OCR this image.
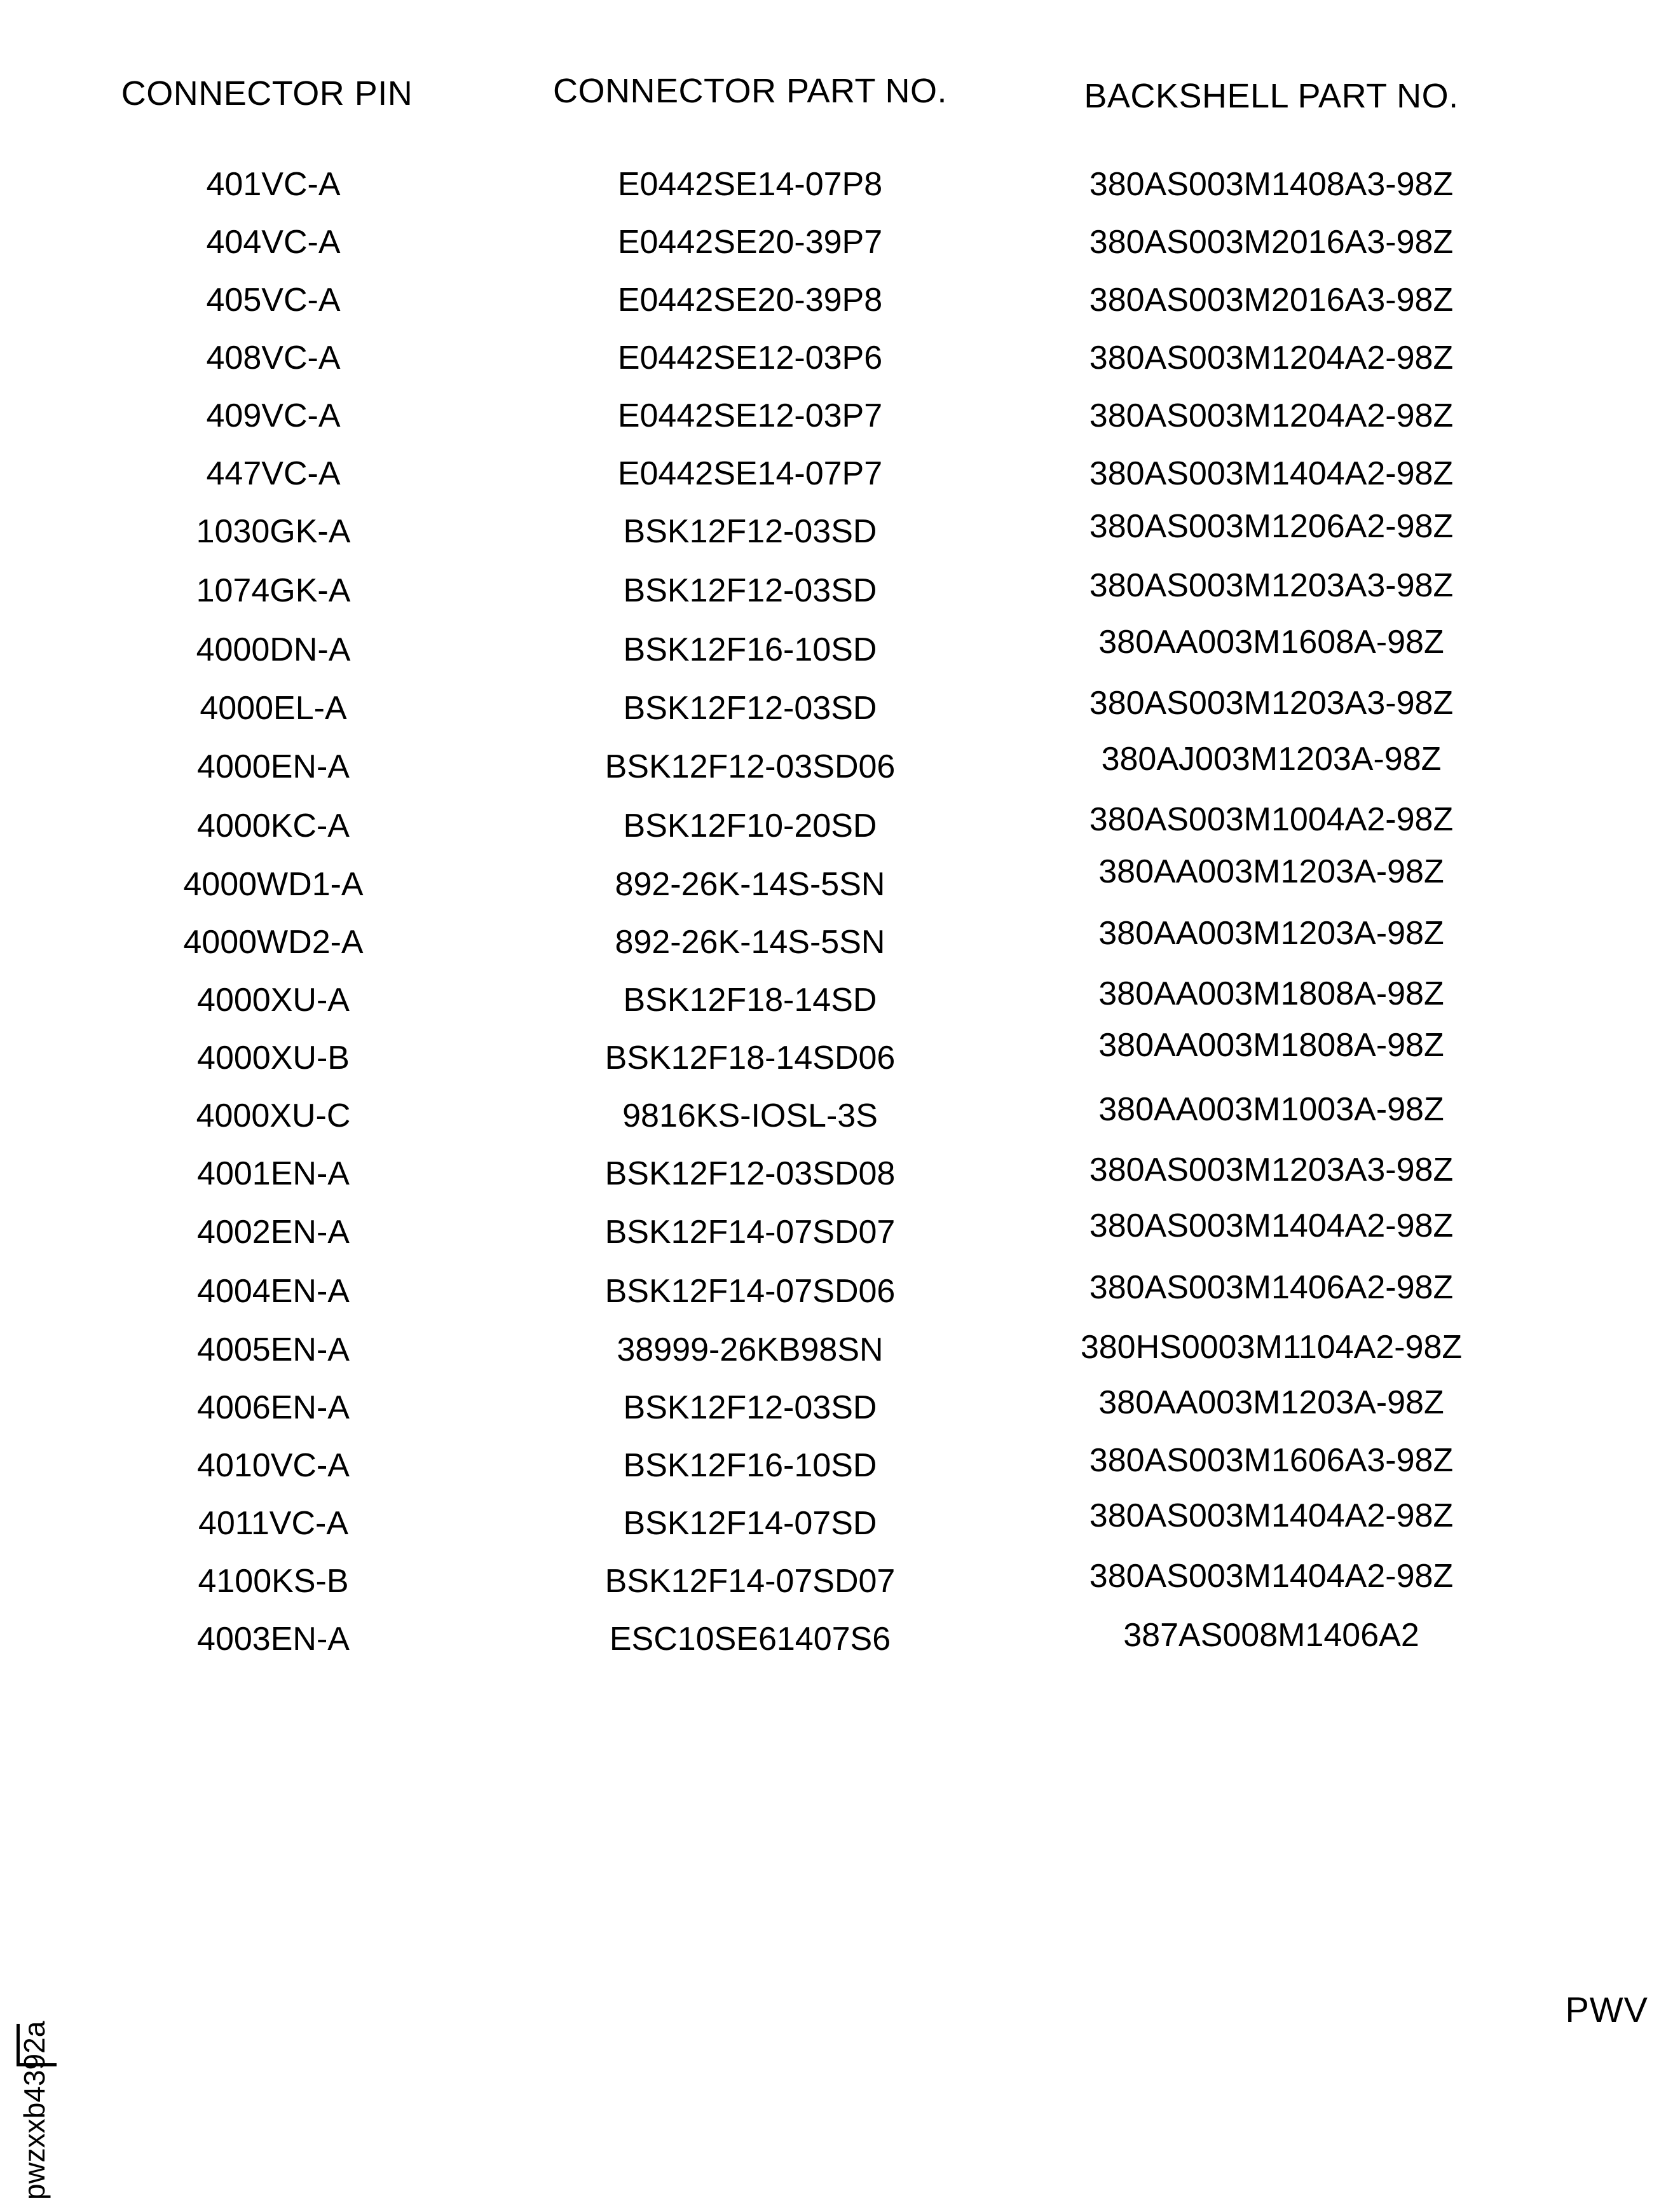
CONNECTOR PIN	CONNECTOR PART NO.	BACKSHELL PART NO.
401VC-A	E0442SE14-07P8	380AS003M1408A3-98Z
404VC-A	E0442SE20-39P7	380AS003M2016A3-98Z
405VC-A	E0442SE20-39P8	380AS003M2016A3-98Z
408VC-A	E0442SE12-03P6	380AS003M1204A2-98Z
409VC-A	E0442SE12-03P7	380AS003M1204A2-98Z
447VC-A	E0442SE14-07P7	380AS003M1404A2-98Z
1030GK-A	BSK12F12-03SD	380AS003M1206A2-98Z
1074GK-A	BSK12F12-03SD	380AS003M1203A3-98Z
4000DN-A	BSK12F16-10SD	380AA003M1608A-98Z
4000EL-A	BSK12F12-03SD	380AS003M1203A3-98Z
4000EN-A	BSK12F12-03SD06	380AJ003M1203A-98Z
4000KC-A	BSK12F10-20SD	380AS003M1004A2-98Z
4000WD1-A	892-26K-14S-5SN	380AA003M1203A-98Z
4000WD2-A	892-26K-14S-5SN	380AA003M1203A-98Z
4000XU-A	BSK12F18-14SD	380AA003M1808A-98Z
4000XU-B	BSK12F18-14SD06	380AA003M1808A-98Z
4000XU-C	9816KS-IOSL-3S	380AA003M1003A-98Z
4001EN-A	BSK12F12-03SD08	380AS003M1203A3-98Z
4002EN-A	BSK12F14-07SD07	380AS003M1404A2-98Z
4004EN-A	BSK12F14-07SD06	380AS003M1406A2-98Z
4005EN-A	38999-26KB98SN	380HS0003M1104A2-98Z
4006EN-A	BSK12F12-03SD	380AA003M1203A-98Z
4010VC-A	BSK12F16-10SD	380AS003M1606A3-98Z
4011VC-A	BSK12F14-07SD	380AS003M1404A2-98Z
4100KS-B	BSK12F14-07SD07	380AS003M1404A2-98Z
4003EN-A	ESC10SE61407S6	387AS008M1406A2
pwzxxb4392a
PWV
